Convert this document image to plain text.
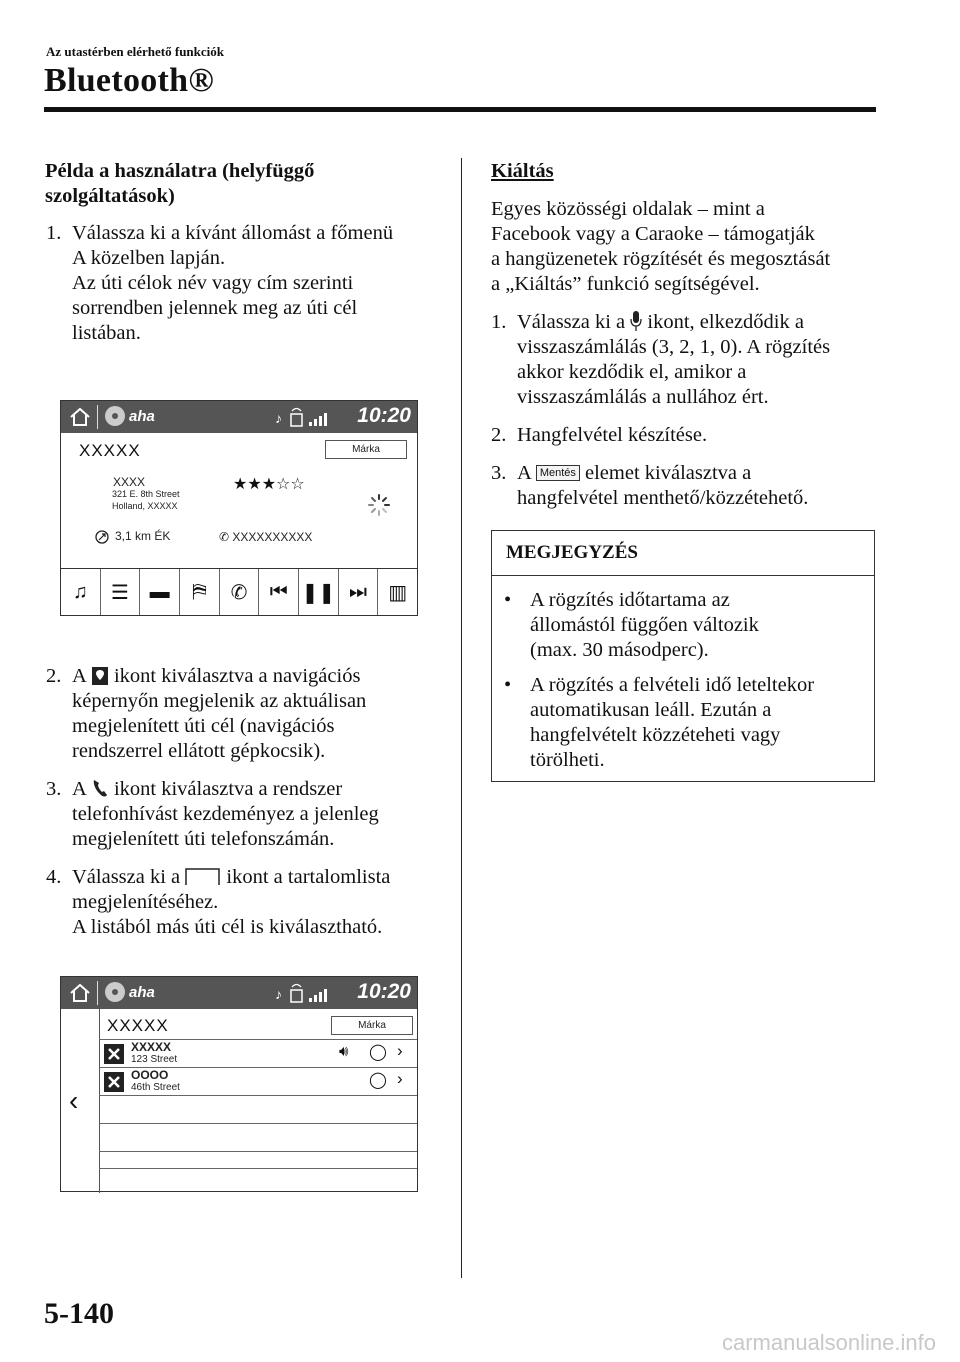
Az utastérben elérhető funkciók
Bluetooth®
Példa a használatra (helyfüggő
szolgáltatások)
1. Válassza ki a kívánt állomást a főmenü
A közelben lapján.
Az úti célok név vagy cím szerinti
sorrendben jelennek meg az úti cél
listában.
aha	♪	10:20
XXXXX	Márka
XXXX
321 E. 8th Street
Holland, XXXXX
★★★☆☆
3,1 km ÉK	✆ XXXXXXXXXX
♫	☰	▬	⛿	✆	⏮ ❚❚ ⏭	▥
2. A ikont kiválasztva a navigációs
képernyőn megjelenik az aktuálisan
megjelenített úti cél (navigációs
rendszerrel ellátott gépkocsik).
3. A ikont kiválasztva a rendszer
telefonhívást kezdeményez a jelenleg
megjelenített úti telefonszámán.
4. Válassza ki a ikont a tartalomlista
megjelenítéséhez.
A listából más úti cél is kiválasztható.
aha	♪	10:20
‹
XXXXX	Márka
XXXXX
123 Street	🔊︎ ◯ ›
OOOO
46th Street	◯ ›
Kiáltás
Egyes közösségi oldalak – mint a
Facebook vagy a Caraoke – támogatják
a hangüzenetek rögzítését és megosztását
a „Kiáltás” funkció segítségével.
1. Válassza ki a ikont, elkezdődik a
visszaszámlálás (3, 2, 1, 0). A rögzítés
akkor kezdődik el, amikor a
visszaszámlálás a nullához ért.
2. Hangfelvétel készítése.
3. A Mentés elemet kiválasztva a
hangfelvétel menthető/közzétehető.
MEGJEGYZÉS
• A rögzítés időtartama az
állomástól függően változik
(max. 30 másodperc).
• A rögzítés a felvételi idő leteltekor
automatikusan leáll. Ezután a
hangfelvételt közzéteheti vagy
törölheti.
5-140
carmanualsonline.info
